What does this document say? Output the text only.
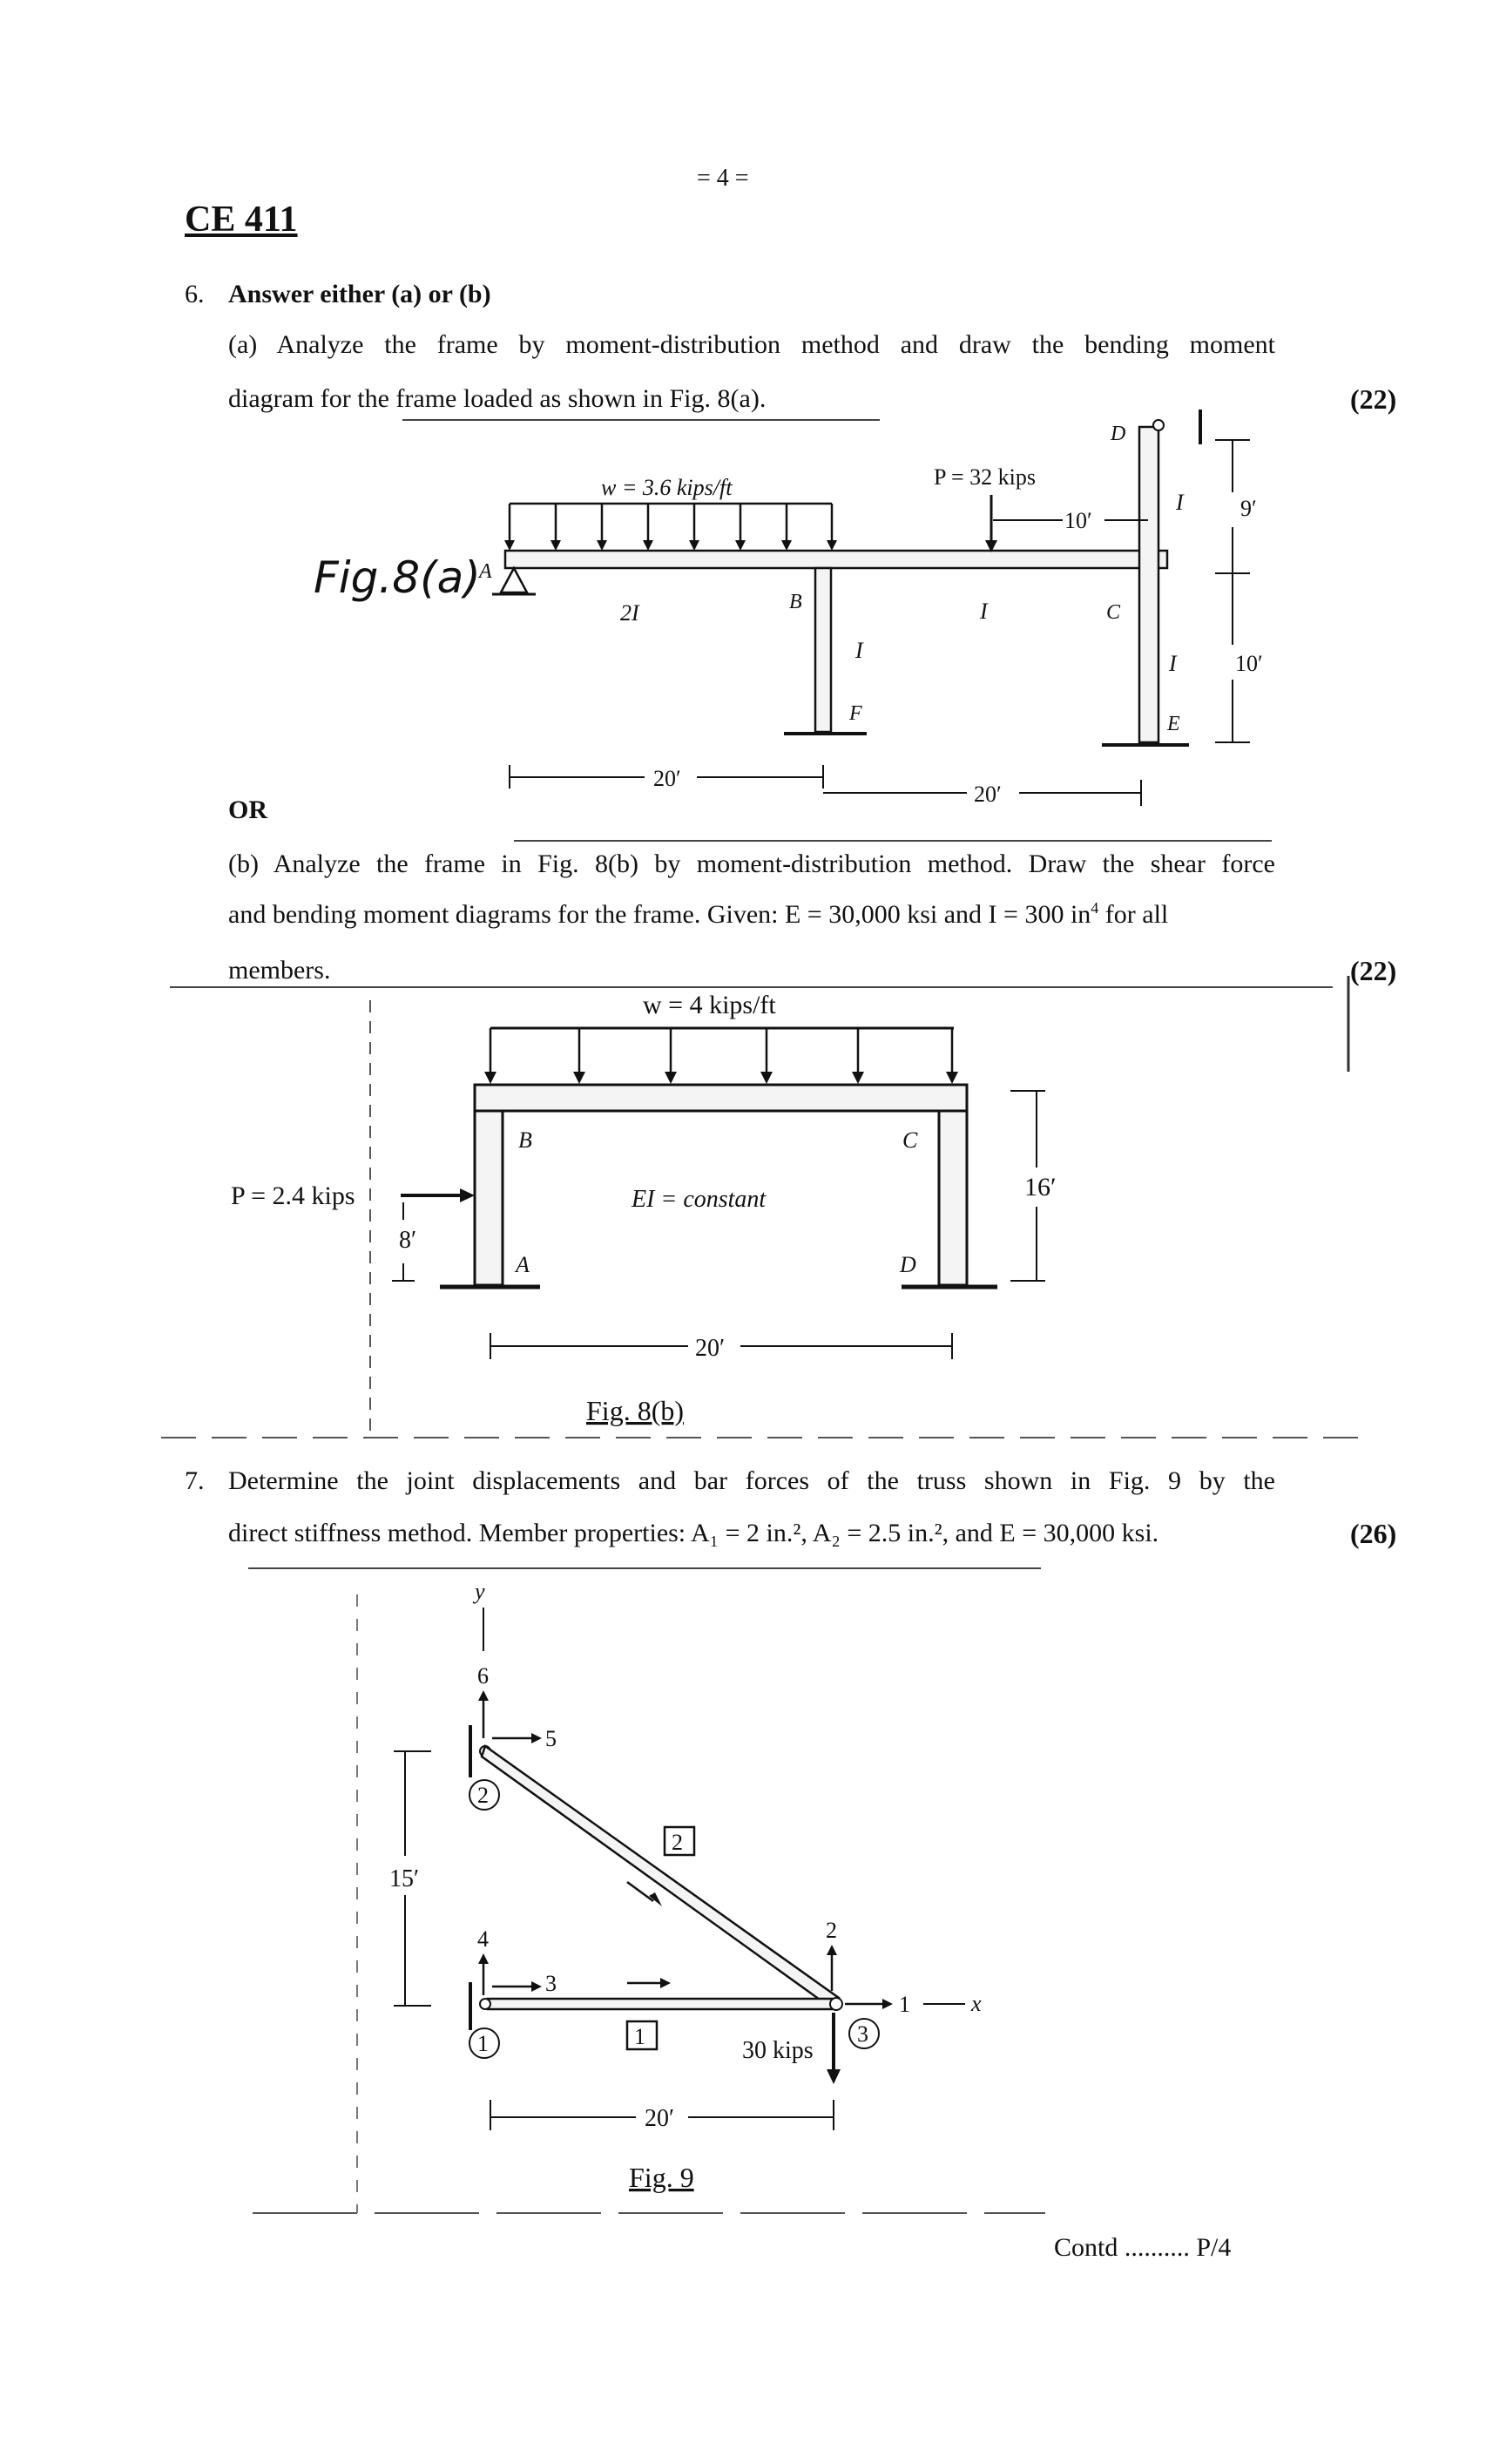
= 4 =
CE 411
6. Answer either (a) or (b)
(a) Analyze the frame by moment-distribution method and draw the bending moment
diagram for the frame loaded as shown in Fig. 8(a).	(22)
Fig.8(a)
w = 3.6 kips/ft	P = 32 kips
10′	9′
10′
20′
20′
2I	I
I
I
I
A
B	C
D
E
F
OR
(b) Analyze the frame in Fig. 8(b) by moment-distribution method. Draw the shear force
and bending moment diagrams for the frame. Given: E = 30,000 ksi and I = 300 $in^4$ for all
members.	(22)
w = 4 kips/ft
P = 2.4 kips
8′
16′
20′
EI = constant
B	C
A	D
Fig. 8(b)
7. Determine the joint displacements and bar forces of the truss shown in Fig. 9 by the
direct stiffness method. Member properties: A₁ = 2 in.², A₂ = 2.5 in.², and E = 30,000 ksi.	(26)
y
6
5
2
2
1
1
4
3
3
2
1	x
30 kips
15′
20′
Fig. 9
Contd .......... P/4
